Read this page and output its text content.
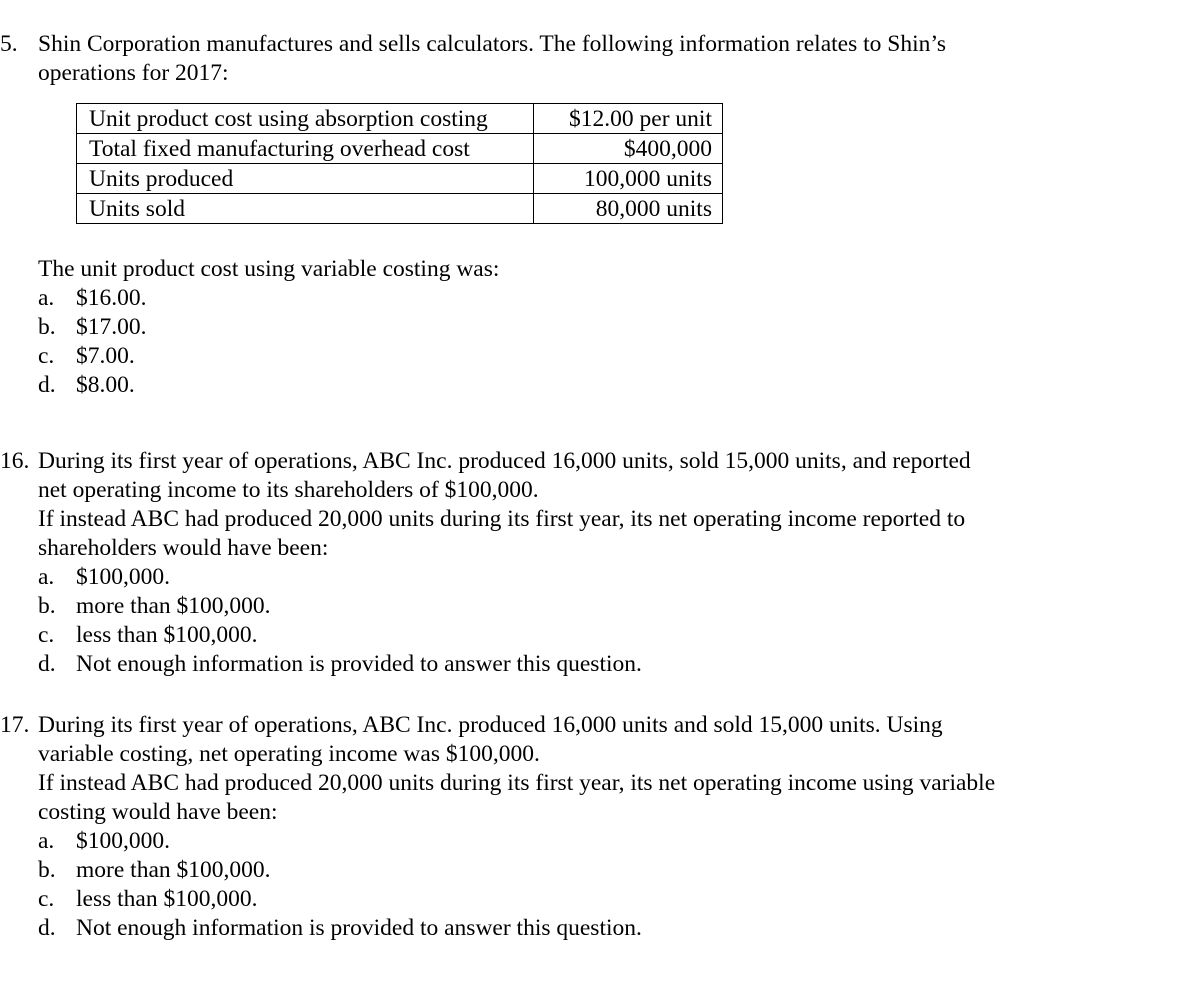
5. Shin Corporation manufactures and sells calculators. The following information relates to Shin’s
operations for 2017:
Unit product cost using absorption costing	$12.00 per unit
Total fixed manufacturing overhead cost	$400,000
Units produced	100,000 units
Units sold	80,000 units
The unit product cost using variable costing was:
a. $16.00.
b. $17.00.
c. $7.00.
d. $8.00.
16. During its first year of operations, ABC Inc. produced 16,000 units, sold 15,000 units, and reported
net operating income to its shareholders of $100,000.
If instead ABC had produced 20,000 units during its first year, its net operating income reported to
shareholders would have been:
a. $100,000.
b. more than $100,000.
c. less than $100,000.
d. Not enough information is provided to answer this question.
17. During its first year of operations, ABC Inc. produced 16,000 units and sold 15,000 units. Using
variable costing, net operating income was $100,000.
If instead ABC had produced 20,000 units during its first year, its net operating income using variable
costing would have been:
a. $100,000.
b. more than $100,000.
c. less than $100,000.
d. Not enough information is provided to answer this question.
